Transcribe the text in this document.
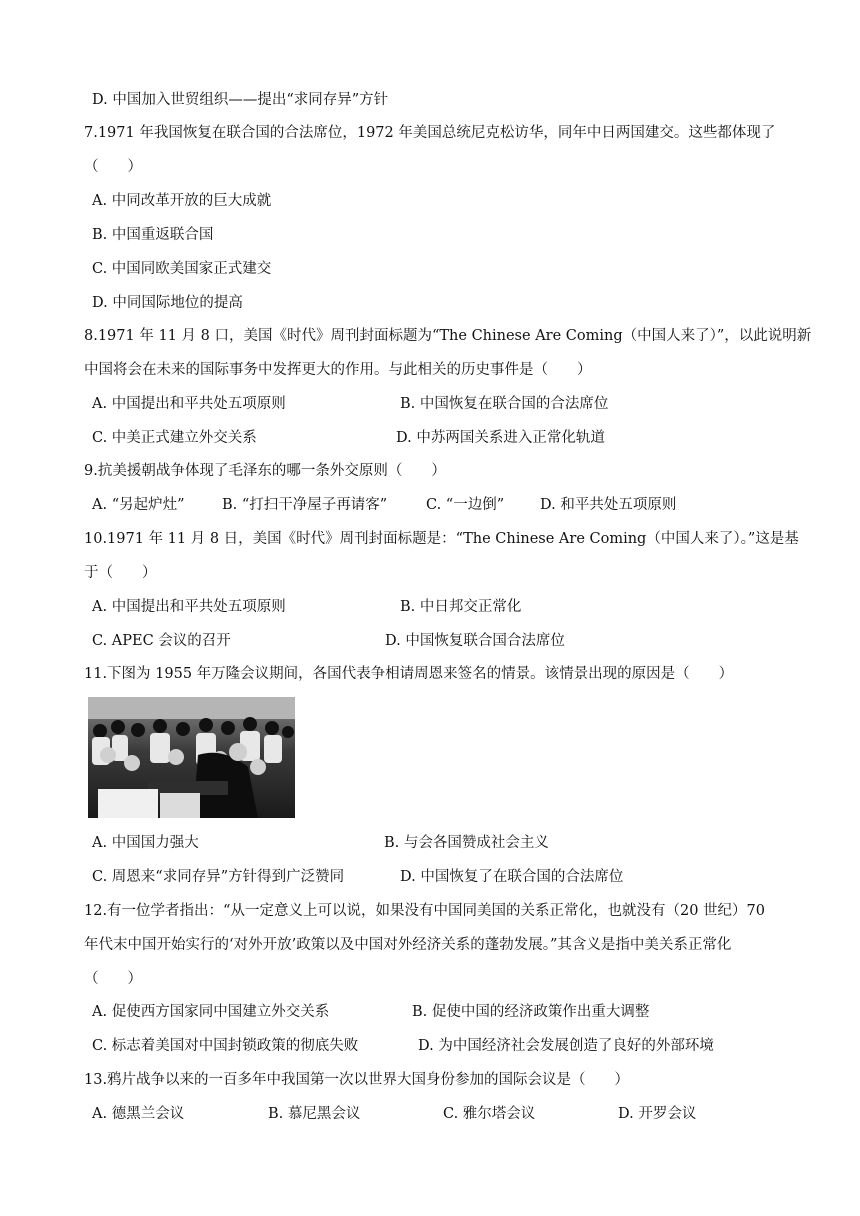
D. 中国加入世贸组织——提出“求同存异”方针
7.1971 年我国恢复在联合国的合法席位，1972 年美国总统尼克松访华，同年中日两国建交。这些都体现了
（　　）
A. 中同改革开放的巨大成就
B. 中国重返联合国
C. 中国同欧美国家正式建交
D. 中同国际地位的提高
8.1971 年 11 月 8 口，美国《时代》周刊封面标题为“The Chinese Are Coming（中国人来了）”，以此说明新
中国将会在未来的国际事务中发挥更大的作用。与此相关的历史事件是（　　）
A. 中国提出和平共处五项原则	B. 中国恢复在联合国的合法席位
C. 中美正式建立外交关系	D. 中苏两国关系进入正常化轨道
9.抗美援朝战争体现了毛泽东的哪一条外交原则（　　）
A. “另起炉灶”	B. “打扫干净屋子再请客”	C. “一边倒” D. 和平共处五项原则
10.1971 年 11 月 8 日，美国《时代》周刊封面标题是：“The Chinese Are Coming（中国人来了）。”这是基
于（　　）
A. 中国提出和平共处五项原则	B. 中日邦交正常化
C. APEC 会议的召开	D. 中国恢复联合国合法席位
11.下图为 1955 年万隆会议期间，各国代表争相请周恩来签名的情景。该情景出现的原因是（　　）
A. 中国国力强大	B. 与会各国赞成社会主义
C. 周恩来“求同存异”方针得到广泛赞同	D. 中国恢复了在联合国的合法席位
12.有一位学者指出：“从一定意义上可以说，如果没有中国同美国的关系正常化，也就没有（20 世纪）70
年代末中国开始实行的‘对外开放’政策以及中国对外经济关系的蓬勃发展。”其含义是指中美关系正常化
（　　）
A. 促使西方国家同中国建立外交关系	B. 促使中国的经济政策作出重大调整
C. 标志着美国对中国封锁政策的彻底失败	D. 为中国经济社会发展创造了良好的外部环境
13.鸦片战争以来的一百多年中我国第一次以世界大国身份参加的国际会议是（　　）
A. 德黑兰会议	B. 慕尼黑会议	C. 雅尔塔会议	D. 开罗会议
